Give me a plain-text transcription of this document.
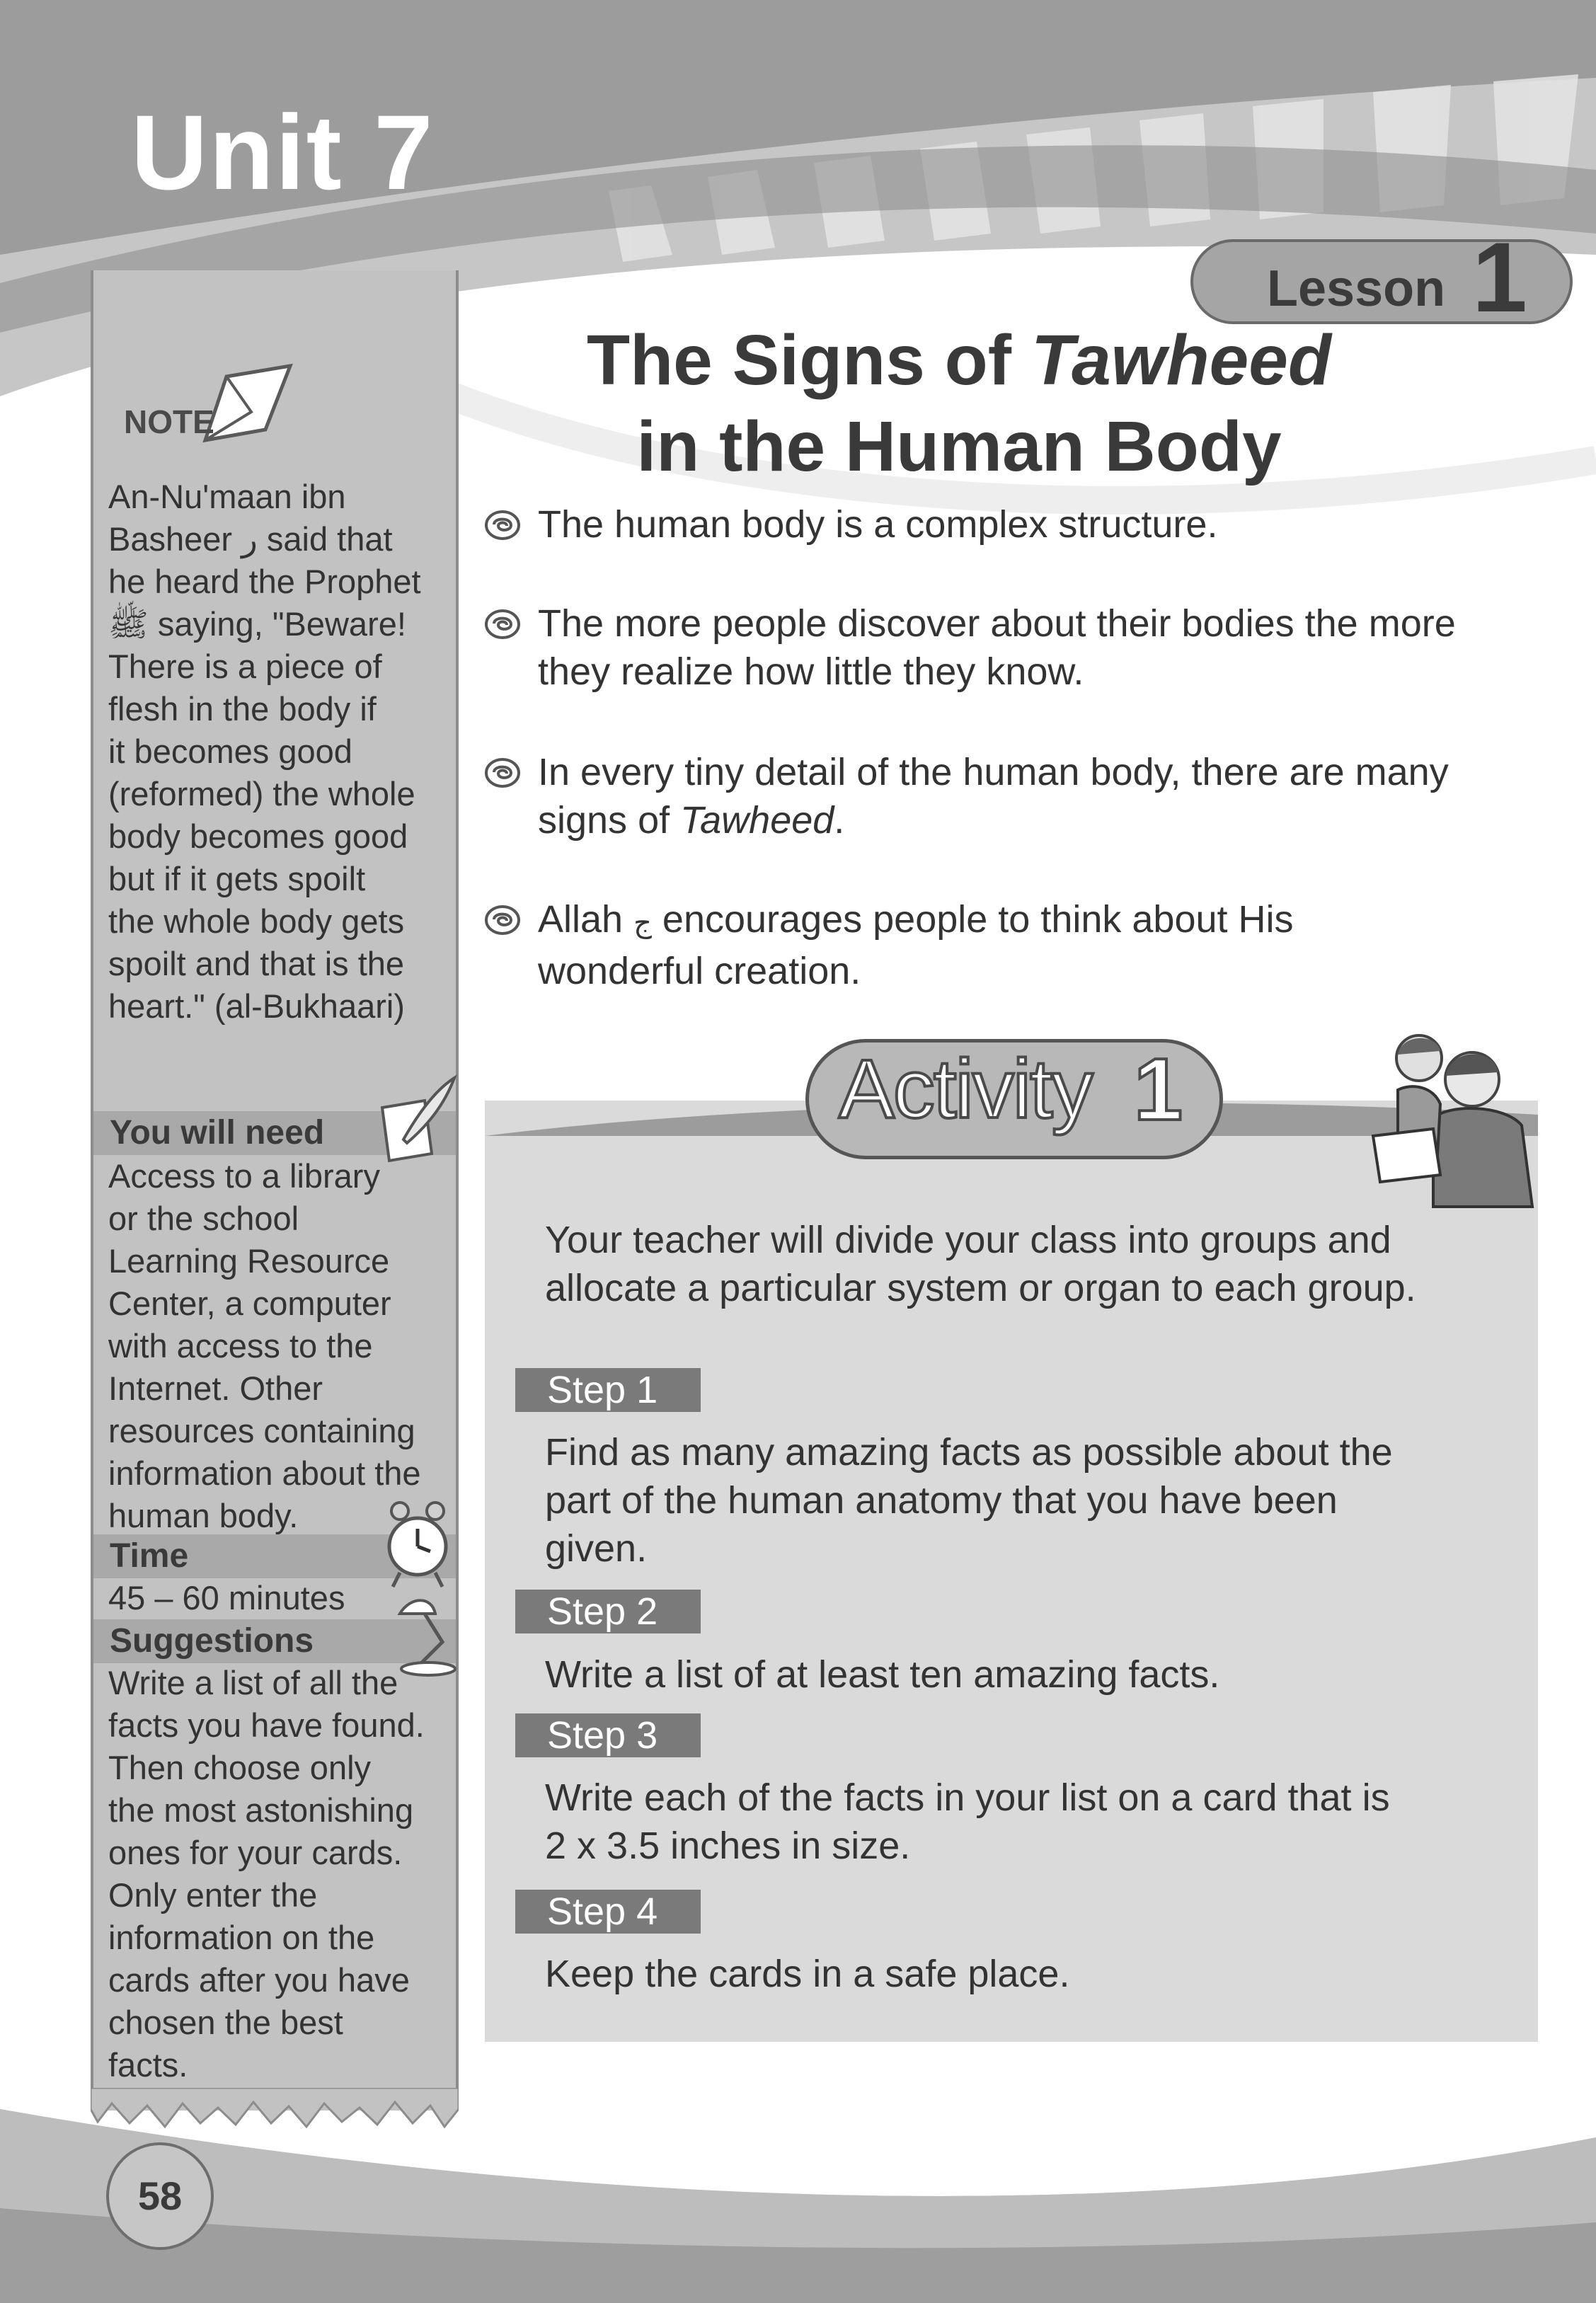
Unit 7
Lesson 1
NOTE
An-Nu'maan ibn
Basheer ر said that
he heard the Prophet
ﷺ saying, "Beware!
There is a piece of
flesh in the body if
it becomes good
(reformed) the whole
body becomes good
but if it gets spoilt
the whole body gets
spoilt and that is the
heart." (al-Bukhaari)
You will need
Access to a library
or the school
Learning Resource
Center, a computer
with access to the
Internet. Other
resources containing
information about the
human body.
Time
45 – 60 minutes
Suggestions
Write a list of all the
facts you have found.
Then choose only
the most astonishing
ones for your cards.
Only enter the
information on the
cards after you have
chosen the best
facts.
The Signs of Tawheed
in the Human Body
The human body is a complex structure.
The more people discover about their bodies the more
they realize how little they know.
In every tiny detail of the human body, there are many
signs of Tawheed.
Allah ج encourages people to think about His
wonderful creation.
Activity 1
Your teacher will divide your class into groups and
allocate a particular system or organ to each group.
Step 1
Find as many amazing facts as possible about the
part of the human anatomy that you have been
given.
Step 2
Write a list of at least ten amazing facts.
Step 3
Write each of the facts in your list on a card that is
2 x 3.5 inches in size.
Step 4
Keep the cards in a safe place.
58
